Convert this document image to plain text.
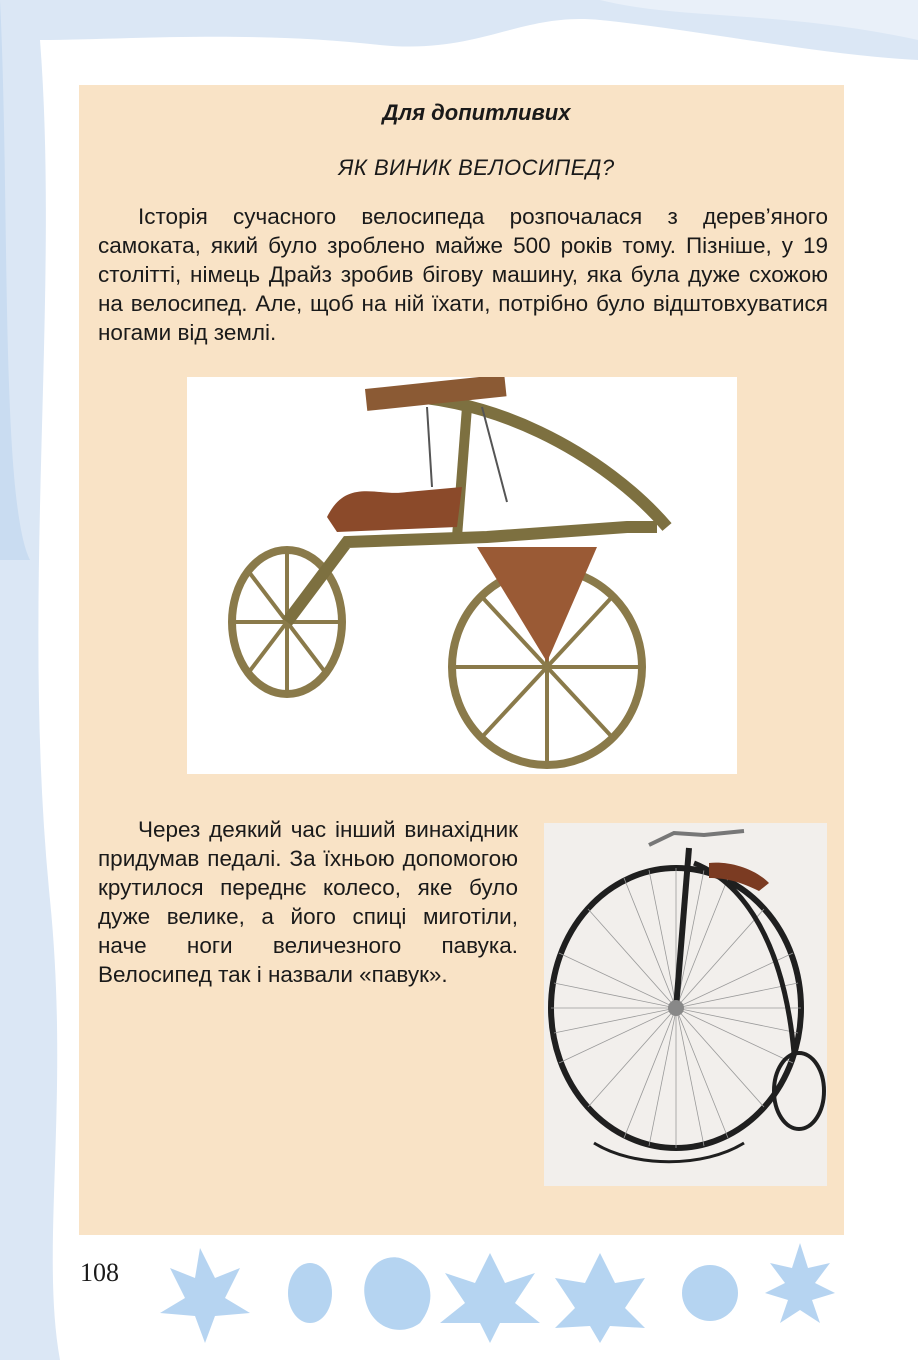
Для допитливих
ЯК ВИНИК ВЕЛОСИПЕД?

Історія сучасного велосипеда розпочалася з дерев’яного самоката, який було зроблено майже 500 років тому. Пізніше, у 19 столітті, німець Драйз зробив бігову машину, яка була дуже схожою на велосипед. Але, щоб на ній їхати, потрібно було відштовхуватися ногами від землі.

Через деякий час інший винахідник придумав педалі. За їхньою допомогою крутилося переднє колесо, яке було дуже велике, а його спиці миготіли, наче ноги величезного павука. Велосипед так і назвали «павук».

108
